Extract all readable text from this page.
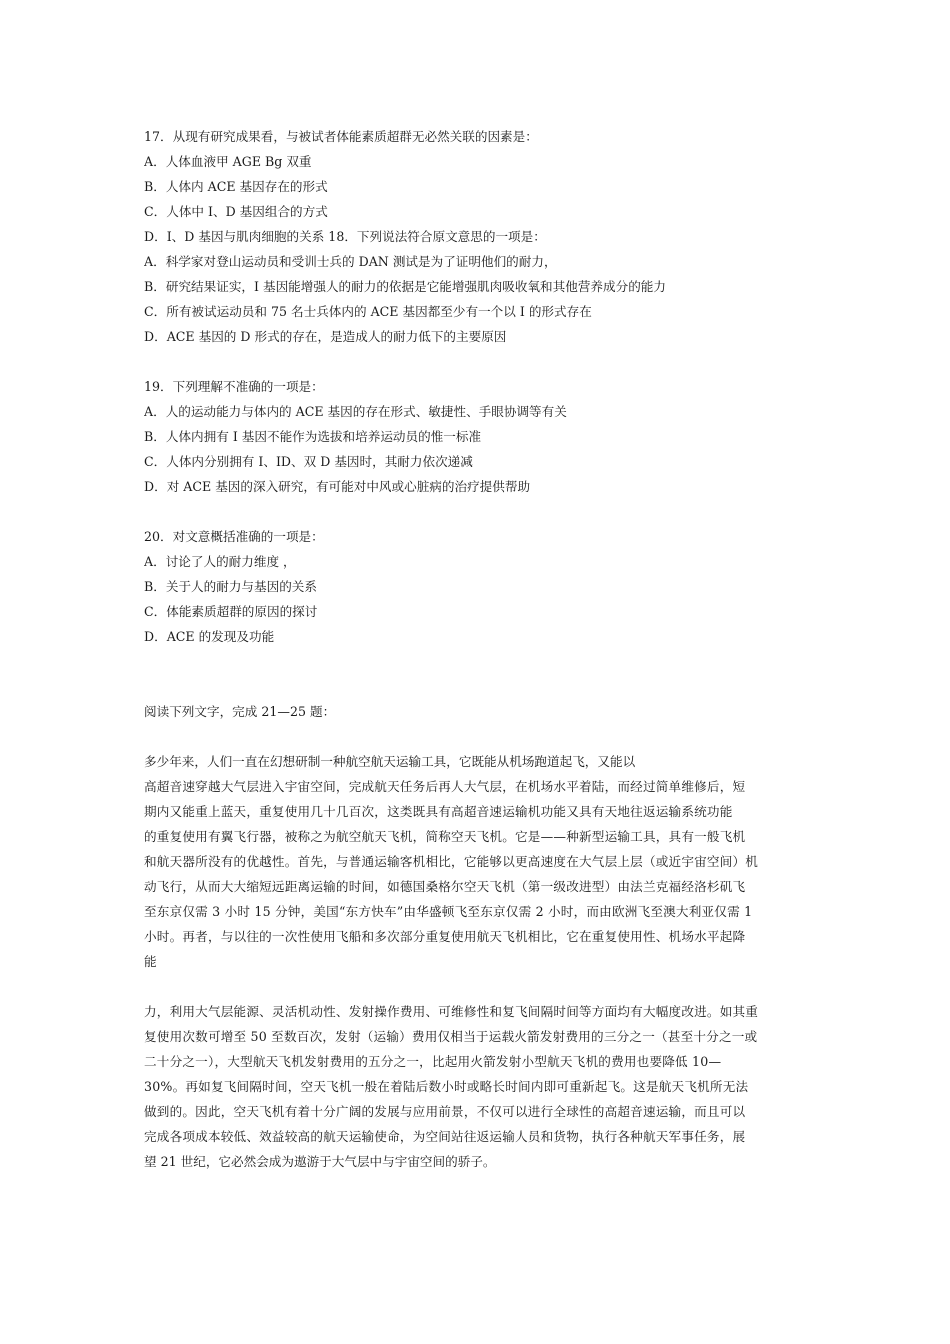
17．从现有研究成果看，与被试者体能素质超群无必然关联的因素是：
A．人体血液甲 AGE Bg 双重
B．人体内 ACE 基因存在的形式
C．人体中 I、D 基因组合的方式
D．I、D 基因与肌肉细胞的关系 18．下列说法符合原文意思的一项是：
A．科学家对登山运动员和受训士兵的 DAN 测试是为了证明他们的耐力，
B．研究结果证实，I 基因能增强人的耐力的依据是它能增强肌肉吸收氧和其他营养成分的能力
C．所有被试运动员和 75 名士兵体内的 ACE 基因都至少有一个以 I 的形式存在
D．ACE 基因的 D 形式的存在，是造成人的耐力低下的主要原因
19．下列理解不准确的一项是：
A．人的运动能力与体内的 ACE 基因的存在形式、敏捷性、手眼协调等有关
B．人体内拥有 I 基因不能作为选拔和培养运动员的惟一标准
C．人体内分别拥有 I、ID、双 D 基因时，其耐力依次递减
D．对 ACE 基因的深入研究，有可能对中风或心脏病的治疗提供帮助
20．对文意概括准确的一项是：
A．讨论了人的耐力维度 ，
B．关于人的耐力与基因的关系
C．体能素质超群的原因的探讨
D．ACE 的发现及功能
阅读下列文字，完成 21—25 题：
多少年来，人们一直在幻想研制一种航空航天运输工具，它既能从机场跑道起飞，又能以
高超音速穿越大气层进入宇宙空间，完成航天任务后再人大气层，在机场水平着陆，而经过简单维修后，短
期内又能重上蓝天，重复使用几十几百次，这类既具有高超音速运输机功能又具有天地往返运输系统功能
的重复使用有翼飞行器，被称之为航空航天飞机，简称空天飞机。它是——种新型运输工具，具有一般飞机
和航天器所没有的优越性。首先，与普通运输客机相比，它能够以更高速度在大气层上层（或近宇宙空间）机
动飞行，从而大大缩短远距离运输的时间，如德国桑格尔空天飞机（第一级改进型）由法兰克福经洛杉矶飞
至东京仅需 3 小时 15 分钟，美国“东方快车”由华盛顿飞至东京仅需 2 小时，而由欧洲飞至澳大利亚仅需 1
小时。再者，与以往的一次性使用飞船和多次部分重复使用航天飞机相比，它在重复使用性、机场水平起降
能
力，利用大气层能源、灵活机动性、发射操作费用、可维修性和复飞间隔时间等方面均有大幅度改进。如其重
复使用次数可增至 50 至数百次，发射（运输）费用仅相当于运载火箭发射费用的三分之一（甚至十分之一或
二十分之一），大型航天飞机发射费用的五分之一，比起用火箭发射小型航天飞机的费用也要降低 10—
30%。再如复飞间隔时间，空天飞机一般在着陆后数小时或略长时间内即可重新起飞。这是航天飞机所无法
做到的。因此，空天飞机有着十分广阔的发展与应用前景，不仅可以进行全球性的高超音速运输，而且可以
完成各项成本较低、效益较高的航天运输使命，为空间站往返运输人员和货物，执行各种航天军事任务，展
望 21 世纪，它必然会成为遨游于大气层中与宇宙空间的骄子。
